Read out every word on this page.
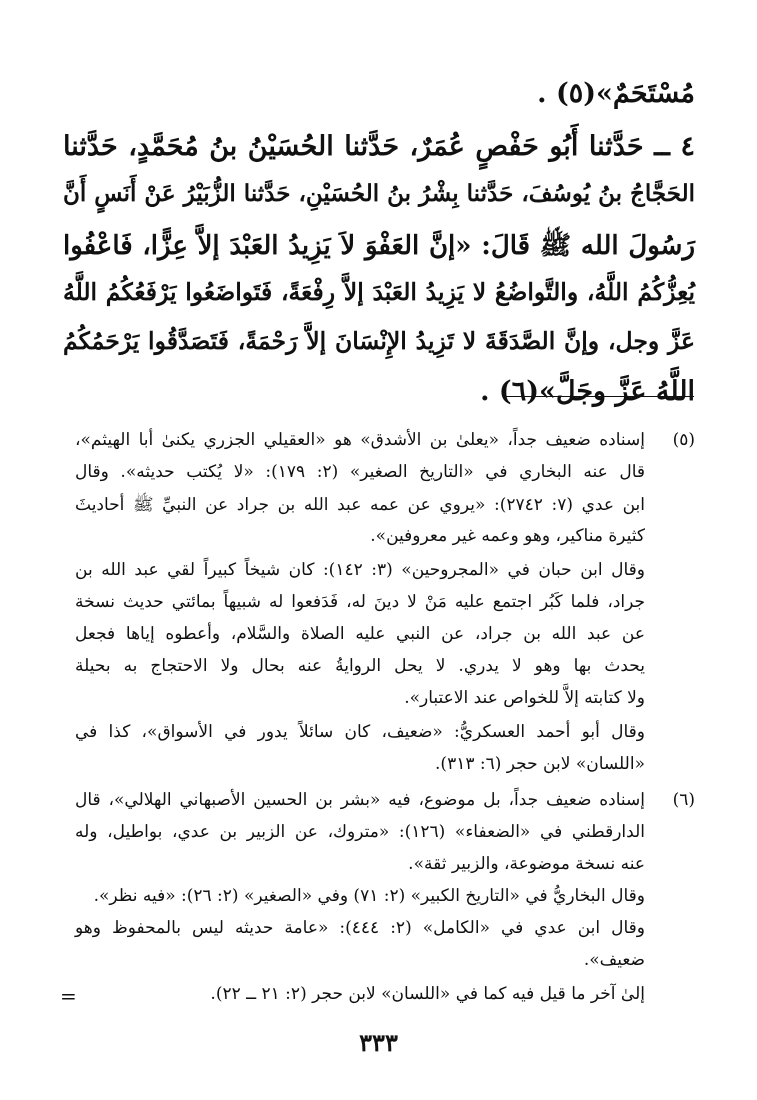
مُسْتَحَمٌ»(٥) .
٤ ــ حَدَّثنا أَبُو حَفْصٍ عُمَرٌ، حَدَّثنا الحُسَيْنُ بنُ مُحَمَّدٍ، حَدَّثنا
الحَجَّاجُ بنُ يُوسُفَ، حَدَّثنا بِشْرُ بنُ الحُسَيْنِ، حَدَّثنا الزُّبَيْرُ عَنْ أَنَسٍ أَنَّ
رَسُولَ الله ﷺ قَالَ: «إنَّ العَفْوَ لاَ يَزِيدُ العَبْدَ إلاَّ عِزًّا، فَاعْفُوا
يُعِزُّكُمُ اللَّهُ، والتَّواضُعُ لا يَزِيدُ العَبْدَ إلاَّ رِفْعَةً، فَتَواضَعُوا يَرْفَعُكُمُ اللَّهُ
عَزَّ وجل، وإنَّ الصَّدَقَةَ لا تَزِيدُ الإِنْسَانَ إلاَّ رَحْمَةً، فَتَصَدَّقُوا يَرْحَمُكُمُ
اللَّهُ عَزَّ وجَلَّ»(٦) .
(٥)
إسناده ضعيف جداً، «يعلىٰ بن الأشدق» هو «العقيلي الجزري يكنىٰ أبا الهيثم»،
قال عنه البخاري في «التاريخ الصغير» (٢: ١٧٩): «لا يُكتب حديثه». وقال
ابن عدي (٧: ٢٧٤٢): «يروي عن عمه عبد الله بن جراد عن النبيِّ ﷺ أحاديثَ
كثيرة مناكير، وهو وعمه غير معروفين».
وقال ابن حبان في «المجروحين» (٣: ١٤٢): كان شيخاً كبيراً لقي عبد الله بن
جراد، فلما كَبُر اجتمع عليه مَنْ لا دينَ له، فَدَفعوا له شبيهاً بمائتي حديث نسخة
عن عبد الله بن جراد، عن النبي عليه الصلاة والسَّلام، وأعطوه إياها فجعل
يحدث بها وهو لا يدري. لا يحل الروايةُ عنه بحال ولا الاحتجاج به بحيلة
ولا كتابته إلاَّ للخواص عند الاعتبار».
وقال أبو أحمد العسكريُّ: «ضعيف، كان سائلاً يدور في الأسواق»، كذا في
«اللسان» لابن حجر (٦: ٣١٣).
(٦)
إسناده ضعيف جداً، بل موضوع، فيه «بشر بن الحسين الأصبهاني الهلالي»، قال
الدارقطني في «الضعفاء» (١٢٦): «متروك، عن الزبير بن عدي، بواطيل، وله
عنه نسخة موضوعة، والزبير ثقة».
وقال البخاريُّ في «التاريخ الكبير» (٢: ٧١) وفي «الصغير» (٢: ٢٦): «فيه نظر».
وقال ابن عدي في «الكامل» (٢: ٤٤٤): «عامة حديثه ليس بالمحفوظ وهو
ضعيف».
إلىٰ آخر ما قيل فيه كما في «اللسان» لابن حجر (٢: ٢١ ــ ٢٢).
=
٣٣٣
